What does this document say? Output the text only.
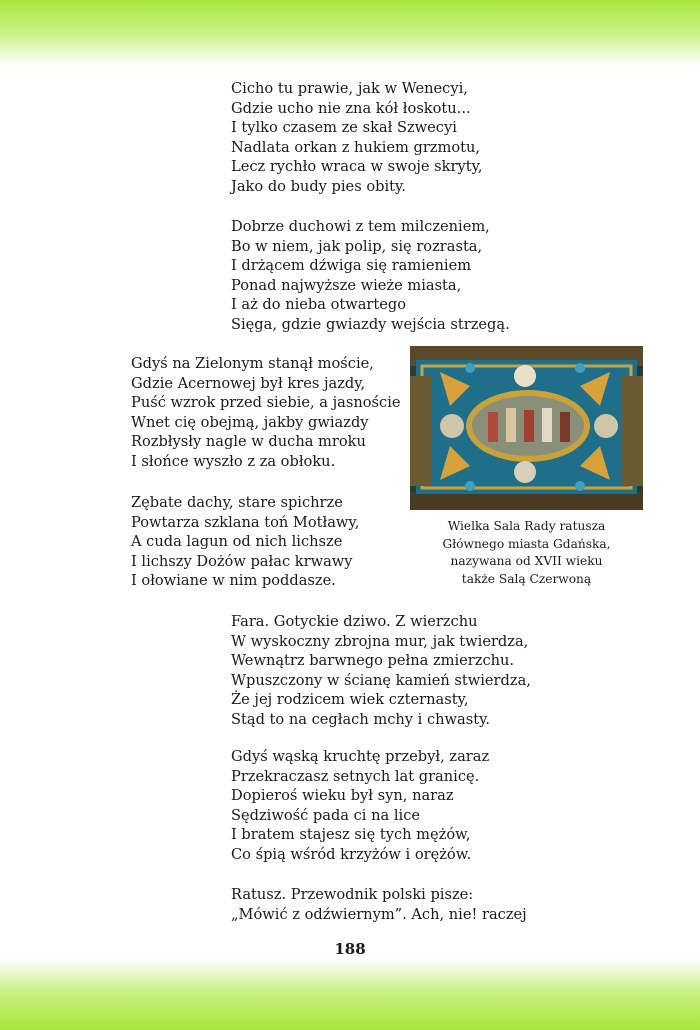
Cicho tu prawie, jak w Wenecyi,
Gdzie ucho nie zna kół łoskotu...
I tylko czasem ze skał Szwecyi
Nadlata orkan z hukiem grzmotu,
Lecz rychło wraca w swoje skryty,
Jako do budy pies obity.
Dobrze duchowi z tem milczeniem,
Bo w niem, jak polip, się rozrasta,
I drżącem dźwiga się ramieniem
Ponad najwyższe wieże miasta,
I aż do nieba otwartego
Sięga, gdzie gwiazdy wejścia strzegą.
Gdyś na Zielonym stanął moście,
Gdzie Acernowej był kres jazdy,
Puść wzrok przed siebie, a jasnoście
Wnet cię obejmą, jakby gwiazdy
Rozbłysły nagle w ducha mroku
I słońce wyszło z za obłoku.
Wielka Sala Rady ratusza
Głównego miasta Gdańska,
nazywana od XVII wieku
także Salą Czerwoną
Zębate dachy, stare spichrze
Powtarza szklana toń Motławy,
A cuda lagun od nich lichsze
I lichszy Dożów pałac krwawy
I ołowiane w nim poddasze.
Fara. Gotyckie dziwo. Z wierzchu
W wyskoczny zbrojna mur, jak twierdza,
Wewnątrz barwnego pełna zmierzchu.
Wpuszczony w ścianę kamień stwierdza,
Że jej rodzicem wiek czternasty,
Stąd to na cegłach mchy i chwasty.
Gdyś wąską kruchtę przebył, zaraz
Przekraczasz setnych lat granicę.
Dopieroś wieku był syn, naraz
Sędziwość pada ci na lice
I bratem stajesz się tych mężów,
Co śpią wśród krzyżów i orężów.
Ratusz. Przewodnik polski pisze:
„Mówić z odźwiernym”. Ach, nie! raczej

188
